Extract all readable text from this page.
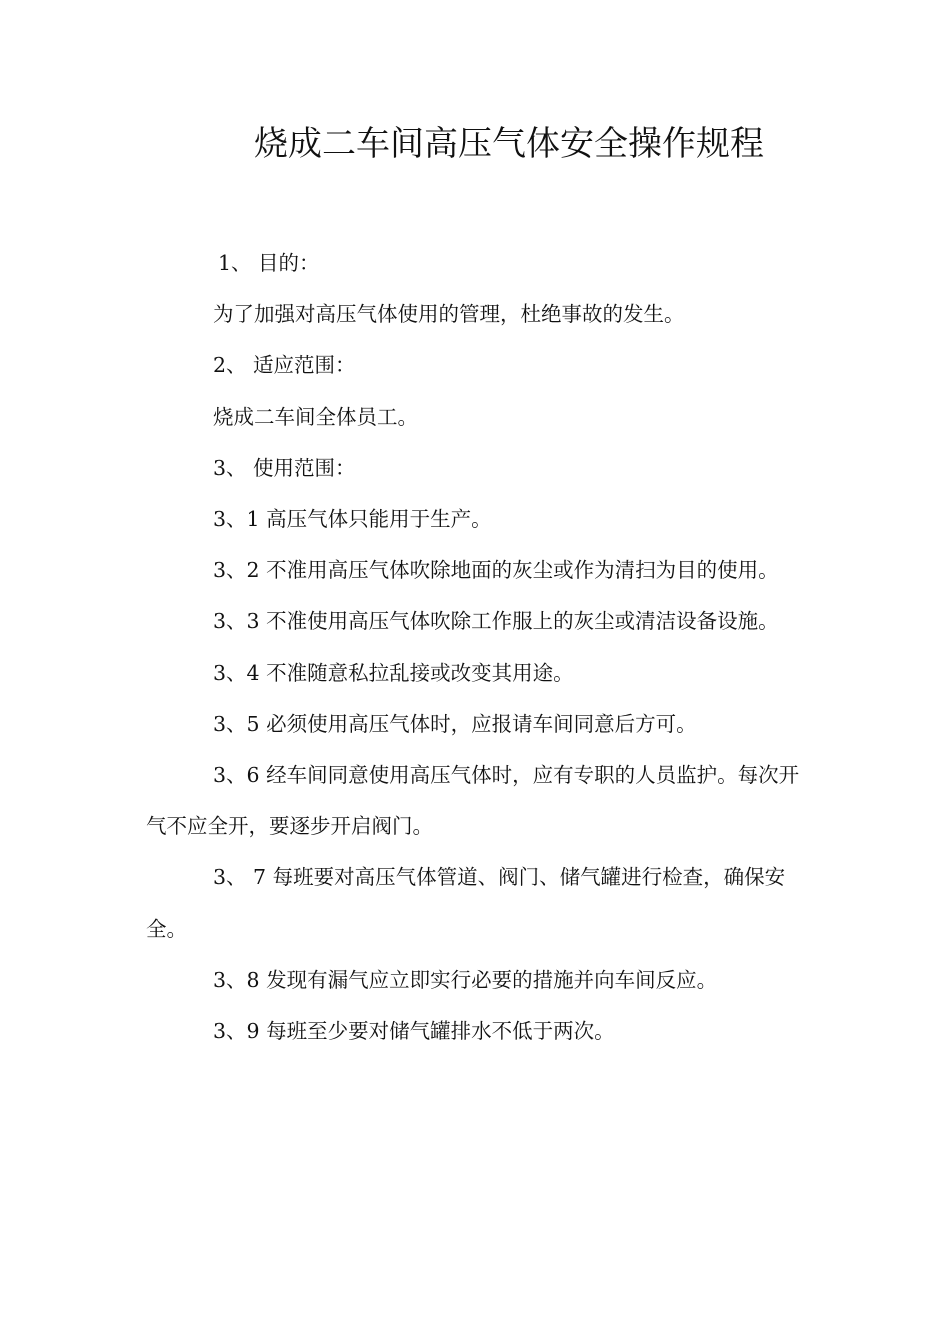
烧成二车间高压气体安全操作规程

1、 目的：

为了加强对高压气体使用的管理，杜绝事故的发生。

2、 适应范围：

烧成二车间全体员工。

3、 使用范围：

3、1 高压气体只能用于生产。

3、2 不准用高压气体吹除地面的灰尘或作为清扫为目的使用。

3、3 不准使用高压气体吹除工作服上的灰尘或清洁设备设施。

3、4 不准随意私拉乱接或改变其用途。

3、5 必须使用高压气体时，应报请车间同意后方可。

3、6 经车间同意使用高压气体时，应有专职的人员监护。每次开气不应全开，要逐步开启阀门。

3、 7 每班要对高压气体管道、阀门、储气罐进行检查，确保安全。

3、8 发现有漏气应立即实行必要的措施并向车间反应。

3、9 每班至少要对储气罐排水不低于两次。
